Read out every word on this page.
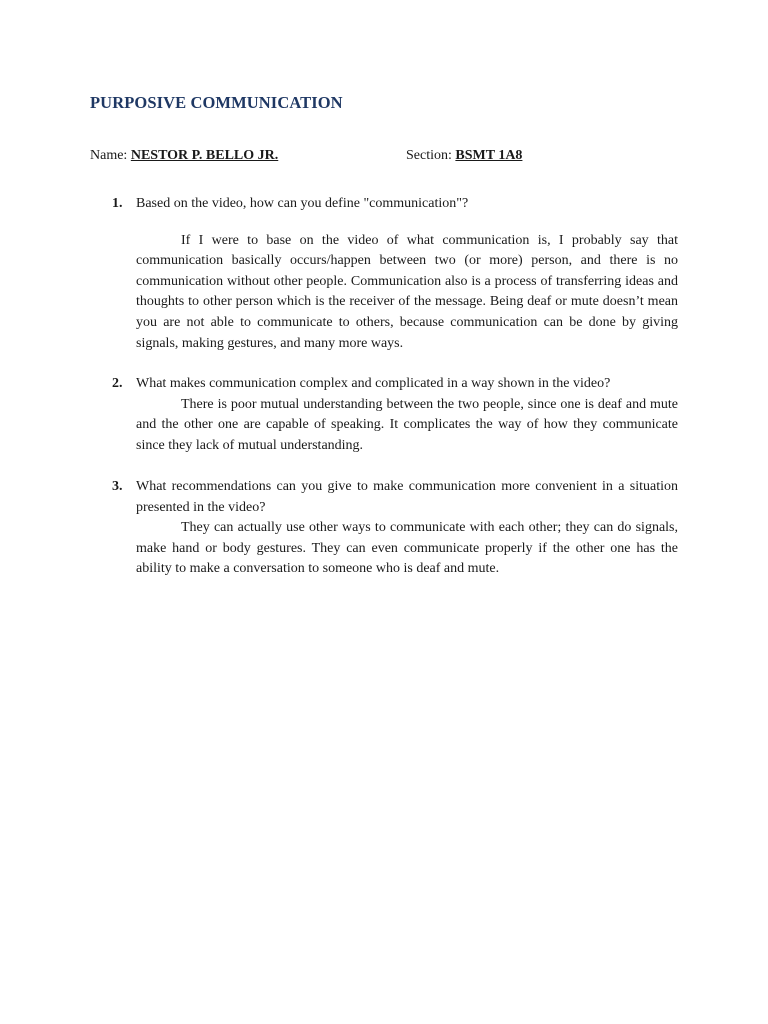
PURPOSIVE COMMUNICATION
Name: NESTOR P. BELLO JR.	Section: BSMT 1A8
1. Based on the video, how can you define "communication"?

If I were to base on the video of what communication is, I probably say that communication basically occurs/happen between two (or more) person, and there is no communication without other people. Communication also is a process of transferring ideas and thoughts to other person which is the receiver of the message. Being deaf or mute doesn’t mean you are not able to communicate to others, because communication can be done by giving signals, making gestures, and many more ways.

2. What makes communication complex and complicated in a way shown in the video?

There is poor mutual understanding between the two people, since one is deaf and mute and the other one are capable of speaking. It complicates the way of how they communicate since they lack of mutual understanding.

3. What recommendations can you give to make communication more convenient in a situation presented in the video?

They can actually use other ways to communicate with each other; they can do signals, make hand or body gestures. They can even communicate properly if the other one has the ability to make a conversation to someone who is deaf and mute.
